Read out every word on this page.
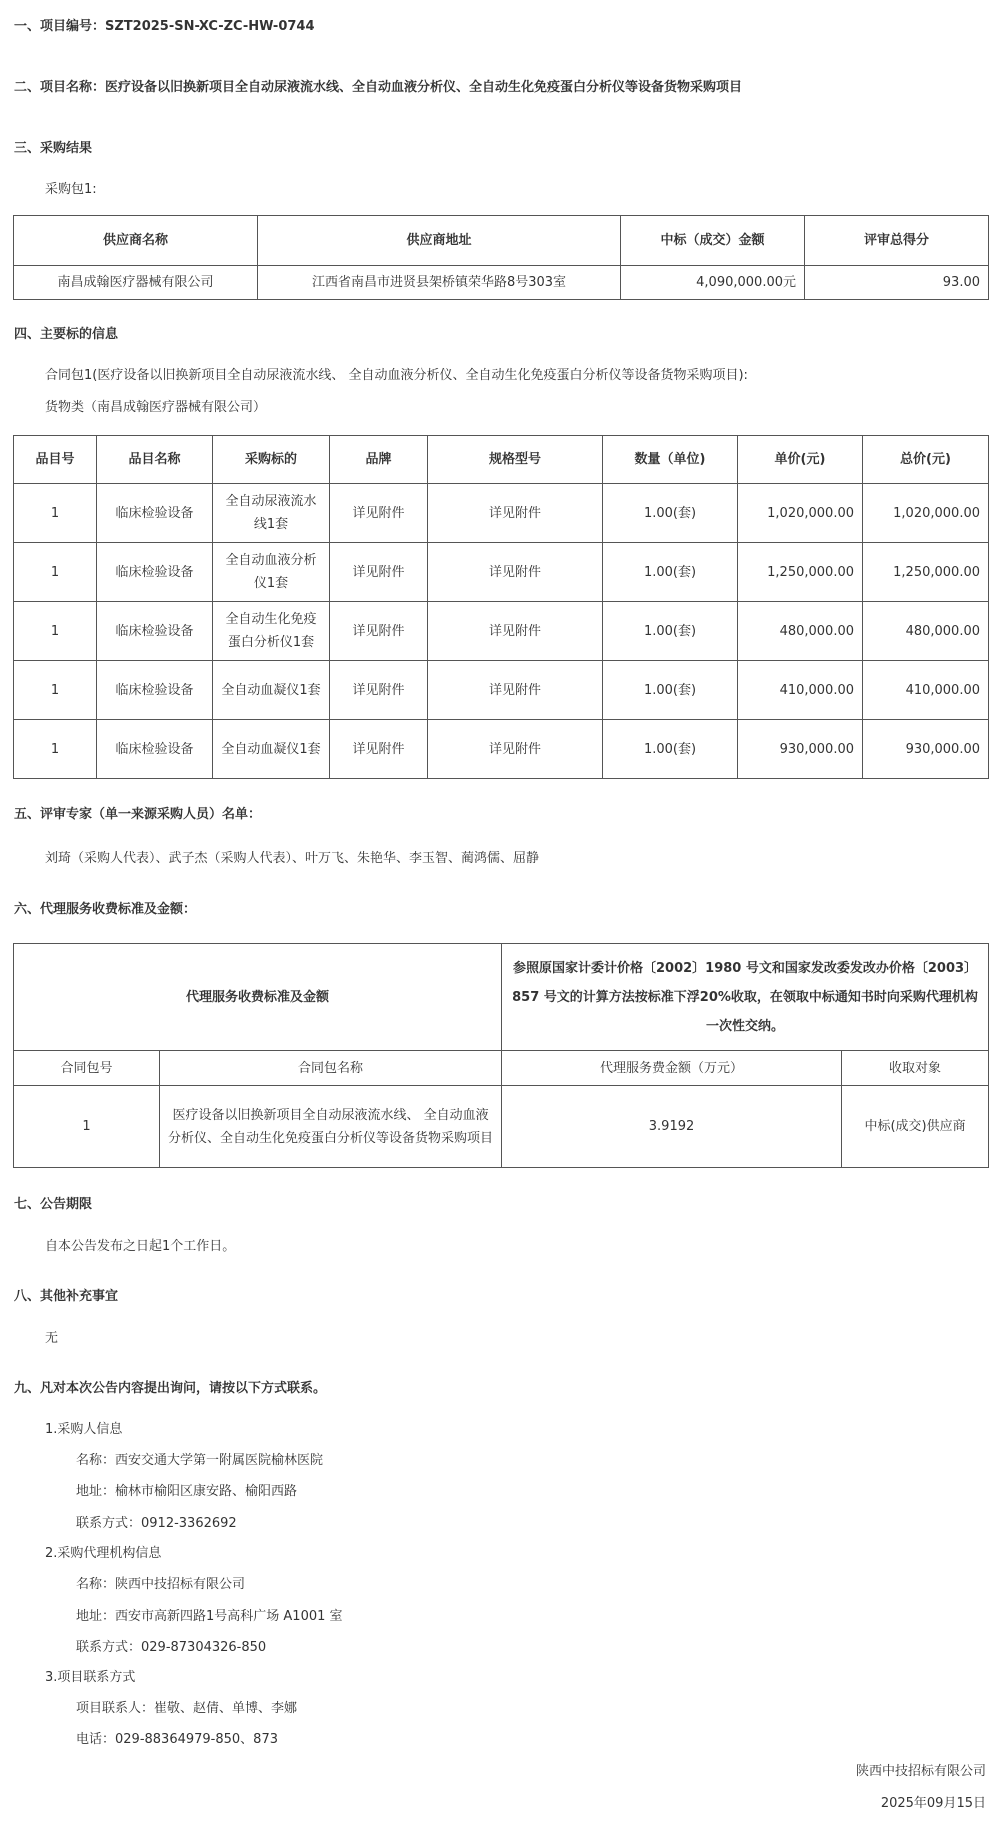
一、项目编号：SZT2025-SN-XC-ZC-HW-0744
二、项目名称：医疗设备以旧换新项目全自动尿液流水线、全自动血液分析仪、全自动生化免疫蛋白分析仪等设备货物采购项目
三、采购结果
采购包1:
供应商名称	供应商地址	中标（成交）金额	评审总得分
南昌成翰医疗器械有限公司	江西省南昌市进贤县架桥镇荣华路8号303室	4,090,000.00元	93.00
四、主要标的信息
合同包1(医疗设备以旧换新项目全自动尿液流水线、 全自动血液分析仪、全自动生化免疫蛋白分析仪等设备货物采购项目):
货物类（南昌成翰医疗器械有限公司）
品目号	品目名称	采购标的	品牌	规格型号	数量（单位)	单价(元)	总价(元)
1	临床检验设备	全自动尿液流水线1套	详见附件	详见附件	1.00(套)	1,020,000.00	1,020,000.00
1	临床检验设备	全自动血液分析仪1套	详见附件	详见附件	1.00(套)	1,250,000.00	1,250,000.00
1	临床检验设备	全自动生化免疫蛋白分析仪1套	详见附件	详见附件	1.00(套)	480,000.00	480,000.00
1	临床检验设备	全自动血凝仪1套	详见附件	详见附件	1.00(套)	410,000.00	410,000.00
1	临床检验设备	全自动血凝仪1套	详见附件	详见附件	1.00(套)	930,000.00	930,000.00
五、评审专家（单一来源采购人员）名单：
刘琦（采购人代表）、武子杰（采购人代表）、叶万飞、朱艳华、李玉智、蔺鸿儒、屈静
六、代理服务收费标准及金额：
代理服务收费标准及金额		参照原国家计委计价格〔2002〕1980 号文和国家发改委发改办价格〔2003〕857 号文的计算方法按标准下浮20%收取，在领取中标通知书时向采购代理机构一次性交纳。	
合同包号	合同包名称	代理服务费金额（万元）	收取对象
1	医疗设备以旧换新项目全自动尿液流水线、 全自动血液分析仪、全自动生化免疫蛋白分析仪等设备货物采购项目	3.9192	中标(成交)供应商
七、公告期限
自本公告发布之日起1个工作日。
八、其他补充事宜
无
九、凡对本次公告内容提出询问，请按以下方式联系。
1.采购人信息
名称：西安交通大学第一附属医院榆林医院
地址：榆林市榆阳区康安路、榆阳西路
联系方式：0912-3362692
2.采购代理机构信息
名称：陕西中技招标有限公司
地址：西安市高新四路1号高科广场 A1001 室
联系方式：029-87304326-850
3.项目联系方式
项目联系人：崔敬、赵倩、单博、李娜
电话：029-88364979-850、873
陕西中技招标有限公司
2025年09月15日
